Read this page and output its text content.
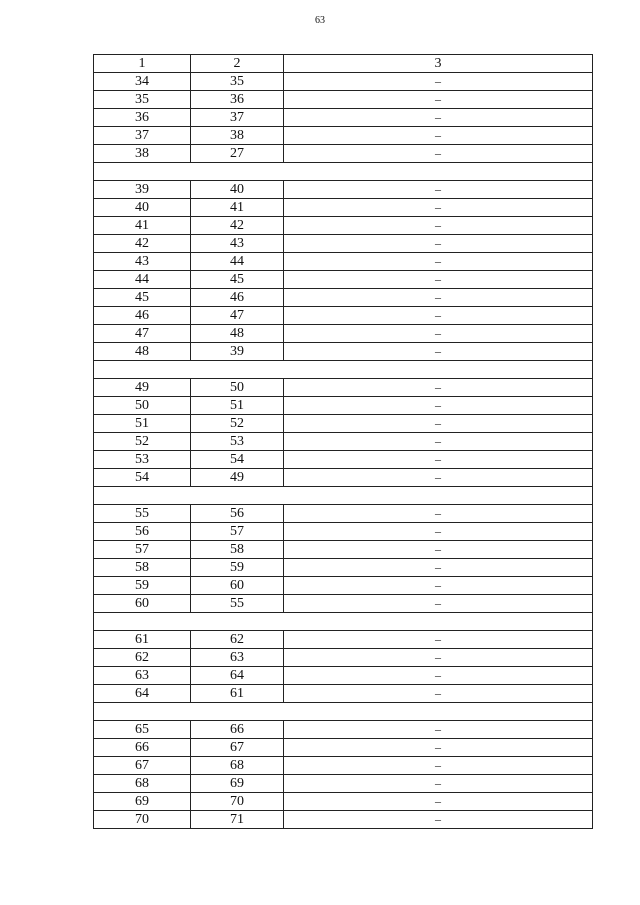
63
1	2	3
34	35	–
35	36	–
36	37	–
37	38	–
38	27	–

39	40	–
40	41	–
41	42	–
42	43	–
43	44	–
44	45	–
45	46	–
46	47	–
47	48	–
48	39	–

49	50	–
50	51	–
51	52	–
52	53	–
53	54	–
54	49	–

55	56	–
56	57	–
57	58	–
58	59	–
59	60	–
60	55	–

61	62	–
62	63	–
63	64	–
64	61	–

65	66	–
66	67	–
67	68	–
68	69	–
69	70	–
70	71	–
